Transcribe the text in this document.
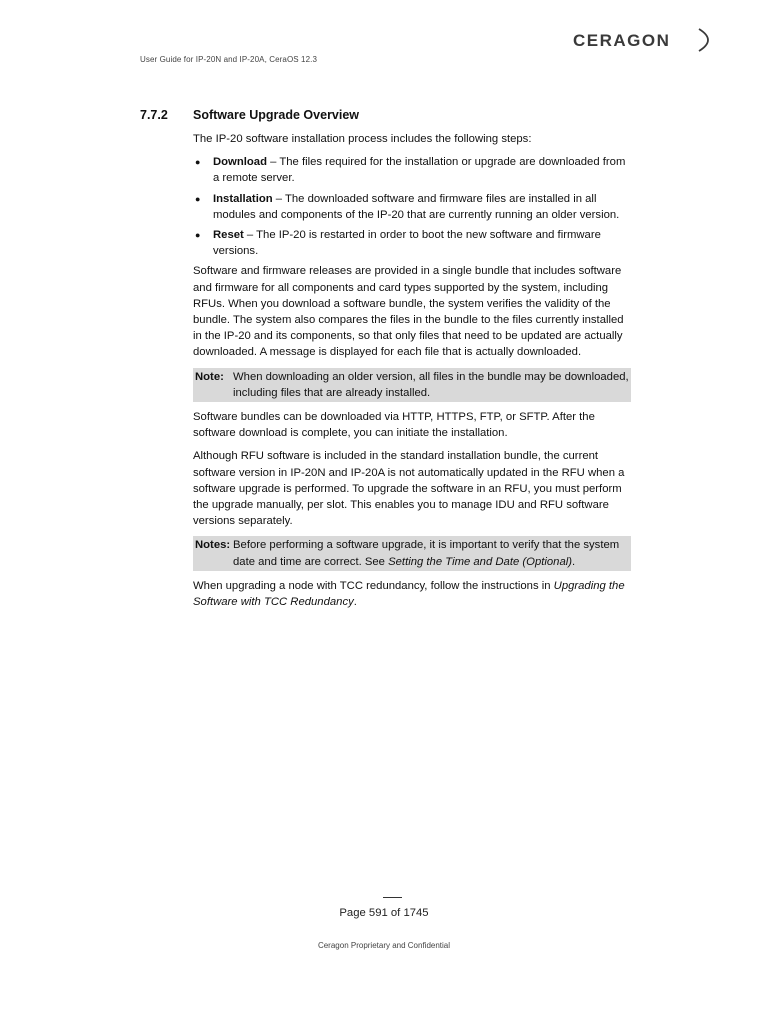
CERAGON
User Guide for IP-20N and IP-20A, CeraOS 12.3
7.7.2 Software Upgrade Overview

The IP-20 software installation process includes the following steps:

● Download – The files required for the installation or upgrade are downloaded from a remote server.
● Installation – The downloaded software and firmware files are installed in all modules and components of the IP-20 that are currently running an older version.
● Reset – The IP-20 is restarted in order to boot the new software and firmware versions.

Software and firmware releases are provided in a single bundle that includes software and firmware for all components and card types supported by the system, including RFUs. When you download a software bundle, the system verifies the validity of the bundle. The system also compares the files in the bundle to the files currently installed in the IP-20 and its components, so that only files that need to be updated are actually downloaded. A message is displayed for each file that is actually downloaded.

Note: When downloading an older version, all files in the bundle may be downloaded, including files that are already installed.

Software bundles can be downloaded via HTTP, HTTPS, FTP, or SFTP. After the software download is complete, you can initiate the installation.

Although RFU software is included in the standard installation bundle, the current software version in IP-20N and IP-20A is not automatically updated in the RFU when a software upgrade is performed. To upgrade the software in an RFU, you must perform the upgrade manually, per slot. This enables you to manage IDU and RFU software versions separately.

Notes: Before performing a software upgrade, it is important to verify that the system date and time are correct. See Setting the Time and Date (Optional).

When upgrading a node with TCC redundancy, follow the instructions in Upgrading the Software with TCC Redundancy.

Page 591 of 1745
Ceragon Proprietary and Confidential
